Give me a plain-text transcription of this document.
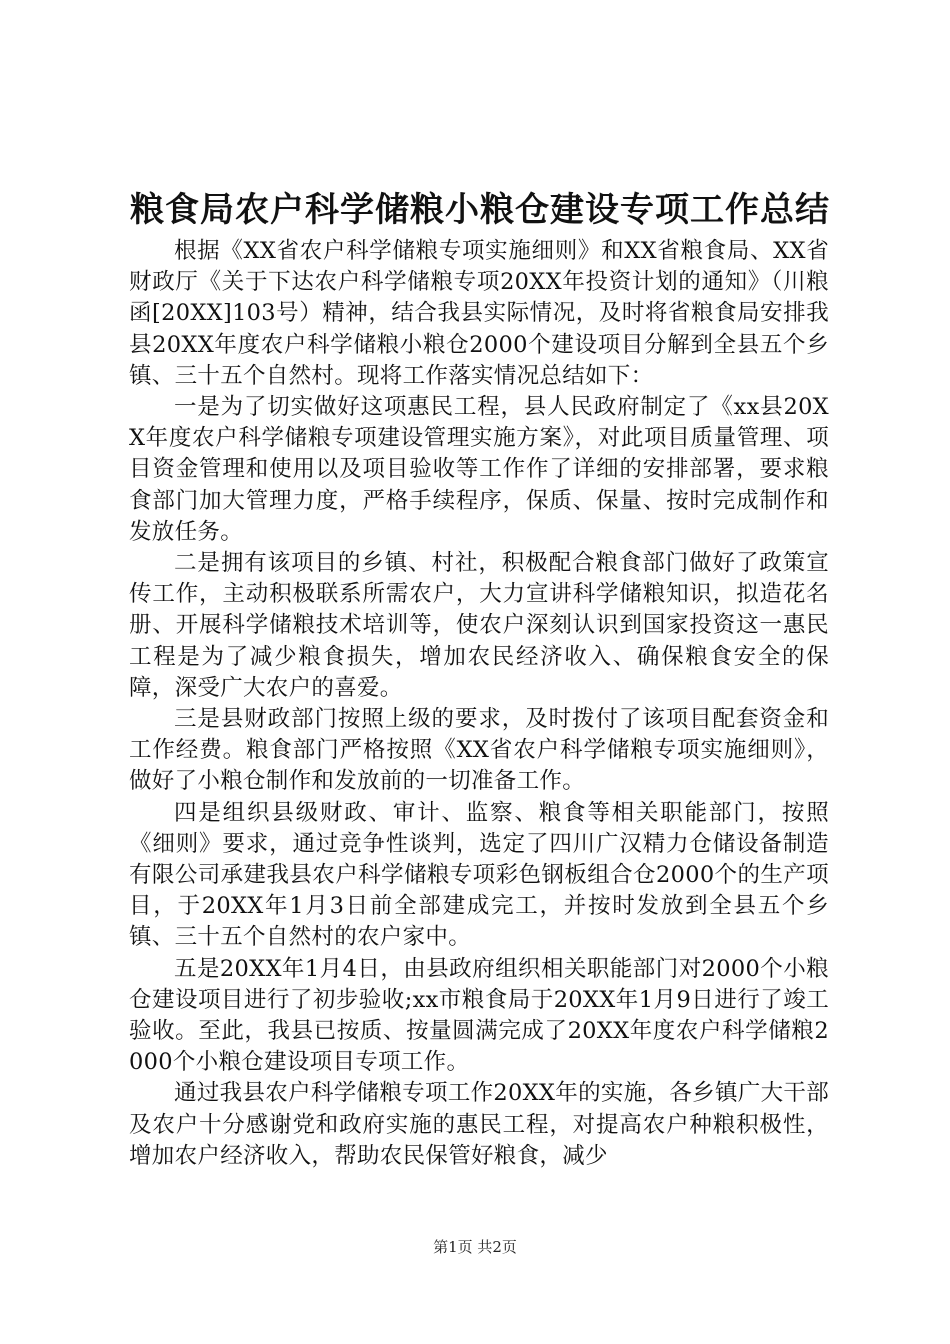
粮食局农户科学储粮小粮仓建设专项工作总结

根据《XX省农户科学储粮专项实施细则》和XX省粮食局、XX省财政厅《关于下达农户科学储粮专项20XX年投资计划的通知》（川粮函[20XX]103号）精神，结合我县实际情况，及时将省粮食局安排我县20XX年度农户科学储粮小粮仓2000个建设项目分解到全县五个乡镇、三十五个自然村。现将工作落实情况总结如下：

一是为了切实做好这项惠民工程，县人民政府制定了《xx县20XX年度农户科学储粮专项建设管理实施方案》，对此项目质量管理、项目资金管理和使用以及项目验收等工作作了详细的安排部署，要求粮食部门加大管理力度，严格手续程序，保质、保量、按时完成制作和发放任务。

二是拥有该项目的乡镇、村社，积极配合粮食部门做好了政策宣传工作，主动积极联系所需农户，大力宣讲科学储粮知识，拟造花名册、开展科学储粮技术培训等，使农户深刻认识到国家投资这一惠民工程是为了减少粮食损失，增加农民经济收入、确保粮食安全的保障，深受广大农户的喜爱。

三是县财政部门按照上级的要求，及时拨付了该项目配套资金和工作经费。粮食部门严格按照《XX省农户科学储粮专项实施细则》，做好了小粮仓制作和发放前的一切准备工作。

四是组织县级财政、审计、监察、粮食等相关职能部门，按照《细则》要求，通过竞争性谈判，选定了四川广汉精力仓储设备制造有限公司承建我县农户科学储粮专项彩色钢板组合仓2000个的生产项目，于20XX年1月3日前全部建成完工，并按时发放到全县五个乡镇、三十五个自然村的农户家中。

五是20XX年1月4日，由县政府组织相关职能部门对2000个小粮仓建设项目进行了初步验收;xx市粮食局于20XX年1月9日进行了竣工验收。至此，我县已按质、按量圆满完成了20XX年度农户科学储粮2000个小粮仓建设项目专项工作。

通过我县农户科学储粮专项工作20XX年的实施，各乡镇广大干部及农户十分感谢党和政府实施的惠民工程，对提高农户种粮积极性，增加农户经济收入，帮助农民保管好粮食，减少

第1页 共2页
